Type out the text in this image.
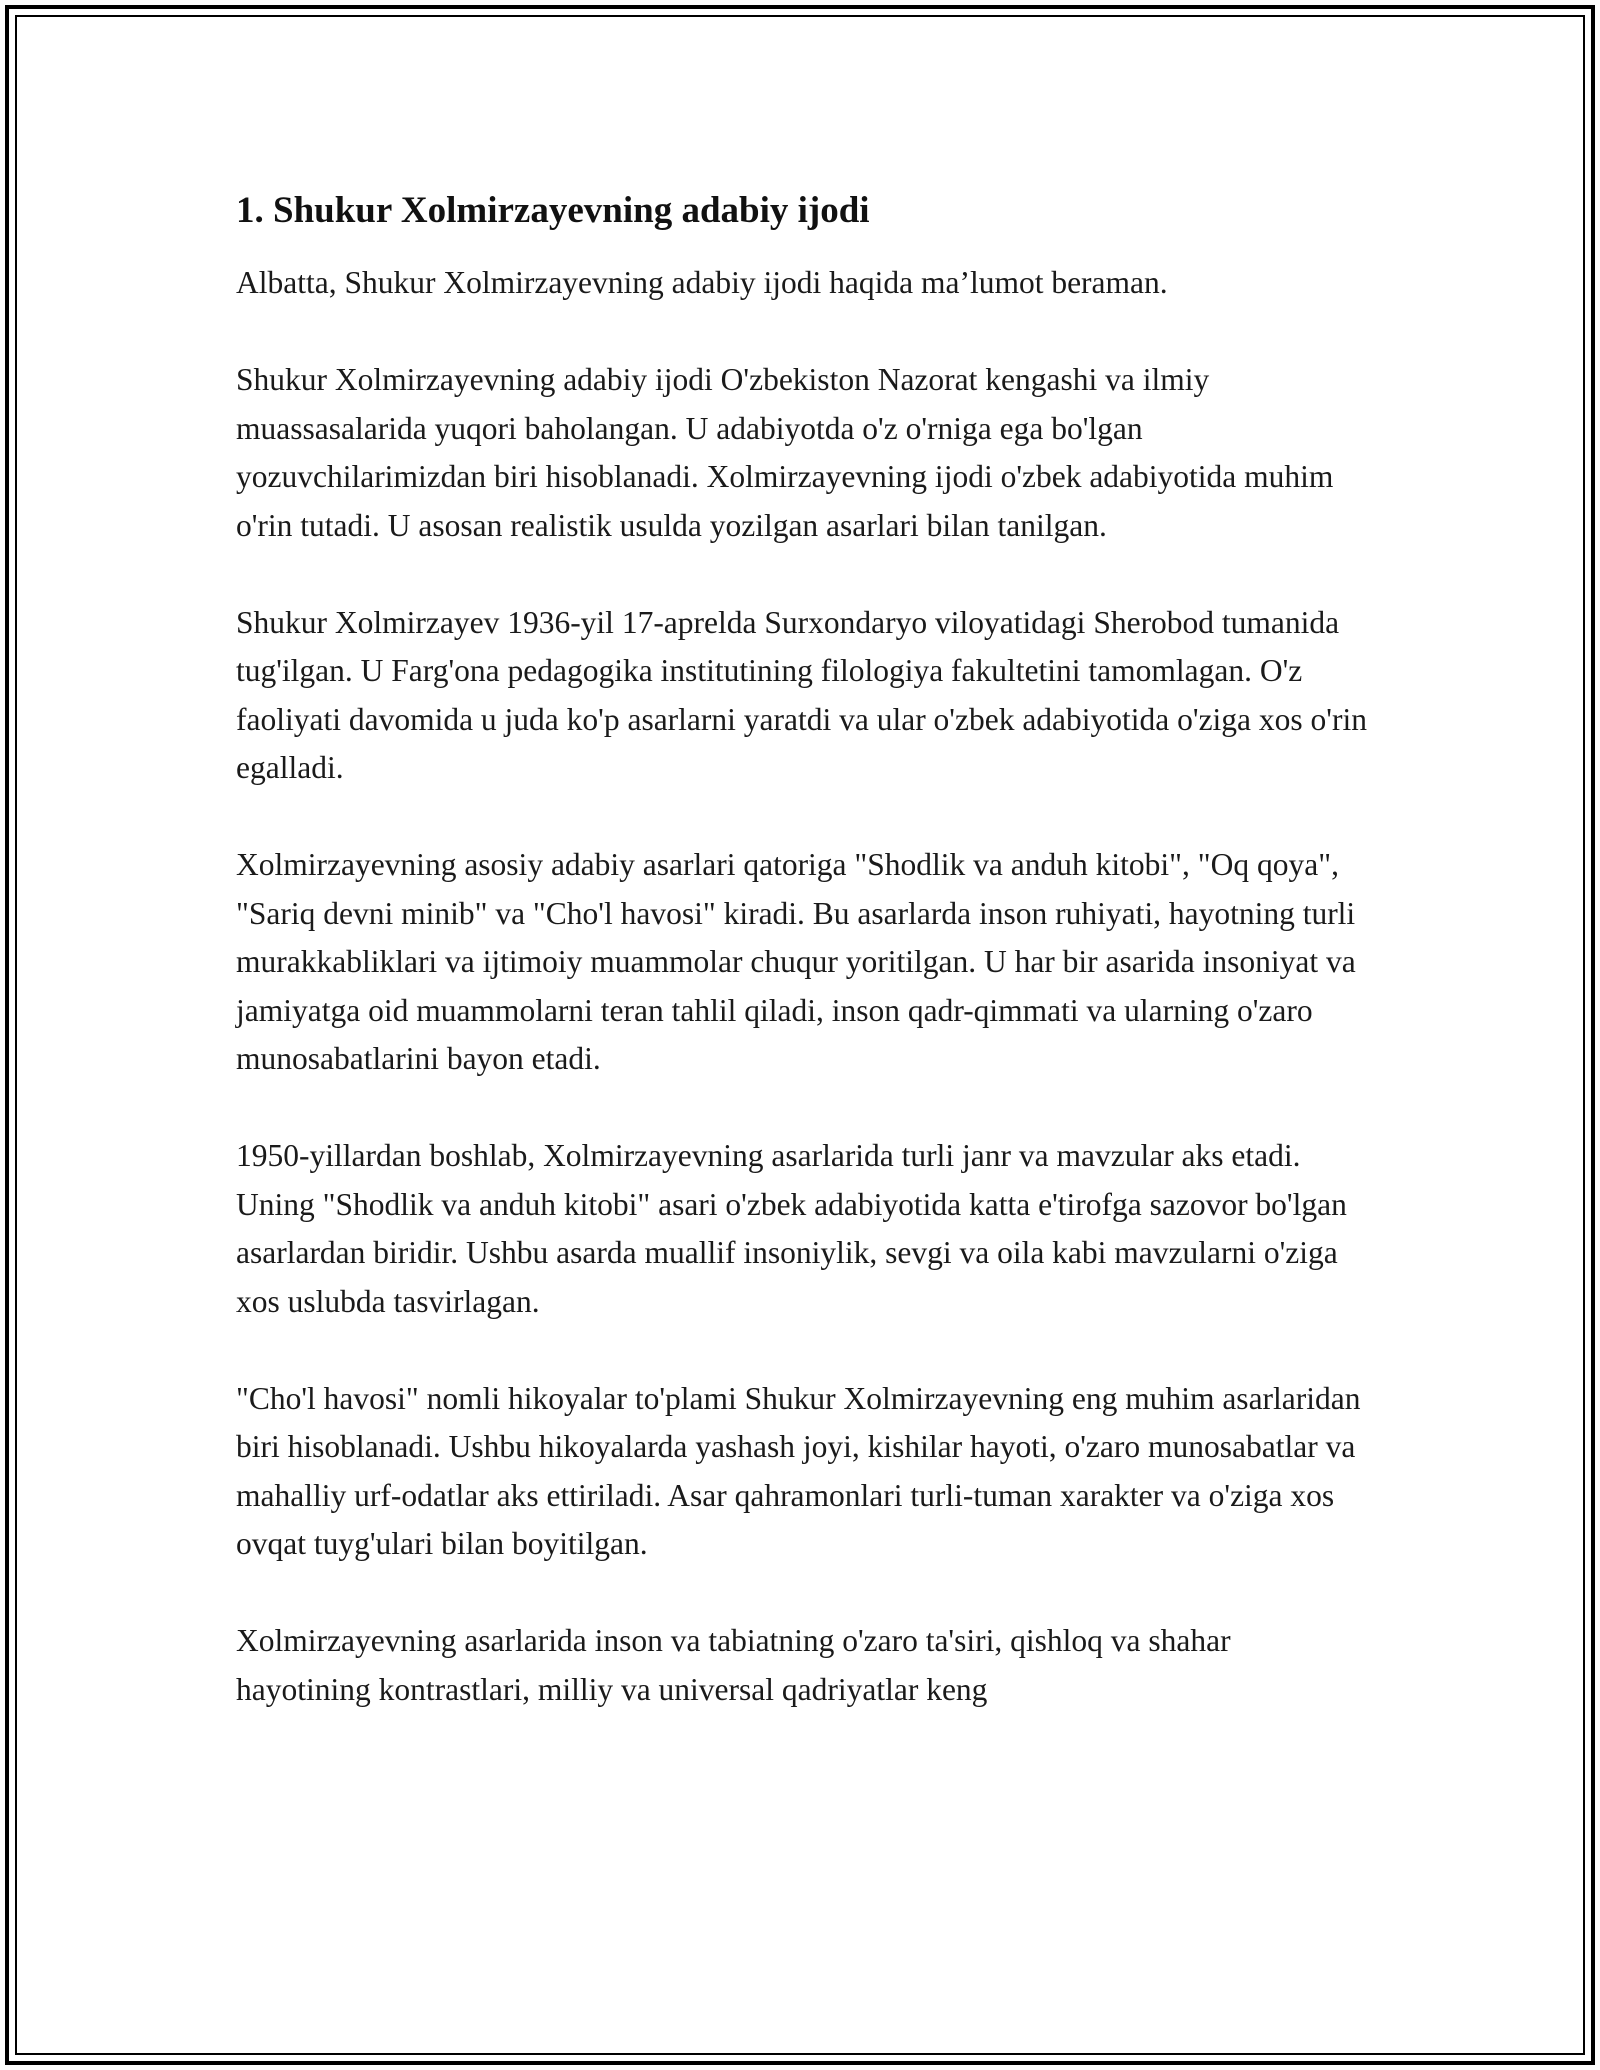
1. Shukur Xolmirzayevning adabiy ijodi

Albatta, Shukur Xolmirzayevning adabiy ijodi haqida ma’lumot beraman.

Shukur Xolmirzayevning adabiy ijodi O'zbekiston Nazorat kengashi va ilmiy muassasalarida yuqori baholangan. U adabiyotda o'z o'rniga ega bo'lgan yozuvchilarimizdan biri hisoblanadi. Xolmirzayevning ijodi o'zbek adabiyotida muhim o'rin tutadi. U asosan realistik usulda yozilgan asarlari bilan tanilgan.

Shukur Xolmirzayev 1936-yil 17-aprelda Surxondaryo viloyatidagi Sherobod tumanida tug'ilgan. U Farg'ona pedagogika institutining filologiya fakultetini tamomlagan. O'z faoliyati davomida u juda ko'p asarlarni yaratdi va ular o'zbek adabiyotida o'ziga xos o'rin egalladi.

Xolmirzayevning asosiy adabiy asarlari qatoriga "Shodlik va anduh kitobi", "Oq qoya", "Sariq devni minib" va "Cho'l havosi" kiradi. Bu asarlarda inson ruhiyati, hayotning turli murakkabliklari va ijtimoiy muammolar chuqur yoritilgan. U har bir asarida insoniyat va jamiyatga oid muammolarni teran tahlil qiladi, inson qadr-qimmati va ularning o'zaro munosabatlarini bayon etadi.

1950-yillardan boshlab, Xolmirzayevning asarlarida turli janr va mavzular aks etadi. Uning "Shodlik va anduh kitobi" asari o'zbek adabiyotida katta e'tirofga sazovor bo'lgan asarlardan biridir. Ushbu asarda muallif insoniylik, sevgi va oila kabi mavzularni o'ziga xos uslubda tasvirlagan.

"Cho'l havosi" nomli hikoyalar to'plami Shukur Xolmirzayevning eng muhim asarlaridan biri hisoblanadi. Ushbu hikoyalarda yashash joyi, kishilar hayoti, o'zaro munosabatlar va mahalliy urf-odatlar aks ettiriladi. Asar qahramonlari turli-tuman xarakter va o'ziga xos ovqat tuyg'ulari bilan boyitilgan.

Xolmirzayevning asarlarida inson va tabiatning o'zaro ta'siri, qishloq va shahar hayotining kontrastlari, milliy va universal qadriyatlar keng
